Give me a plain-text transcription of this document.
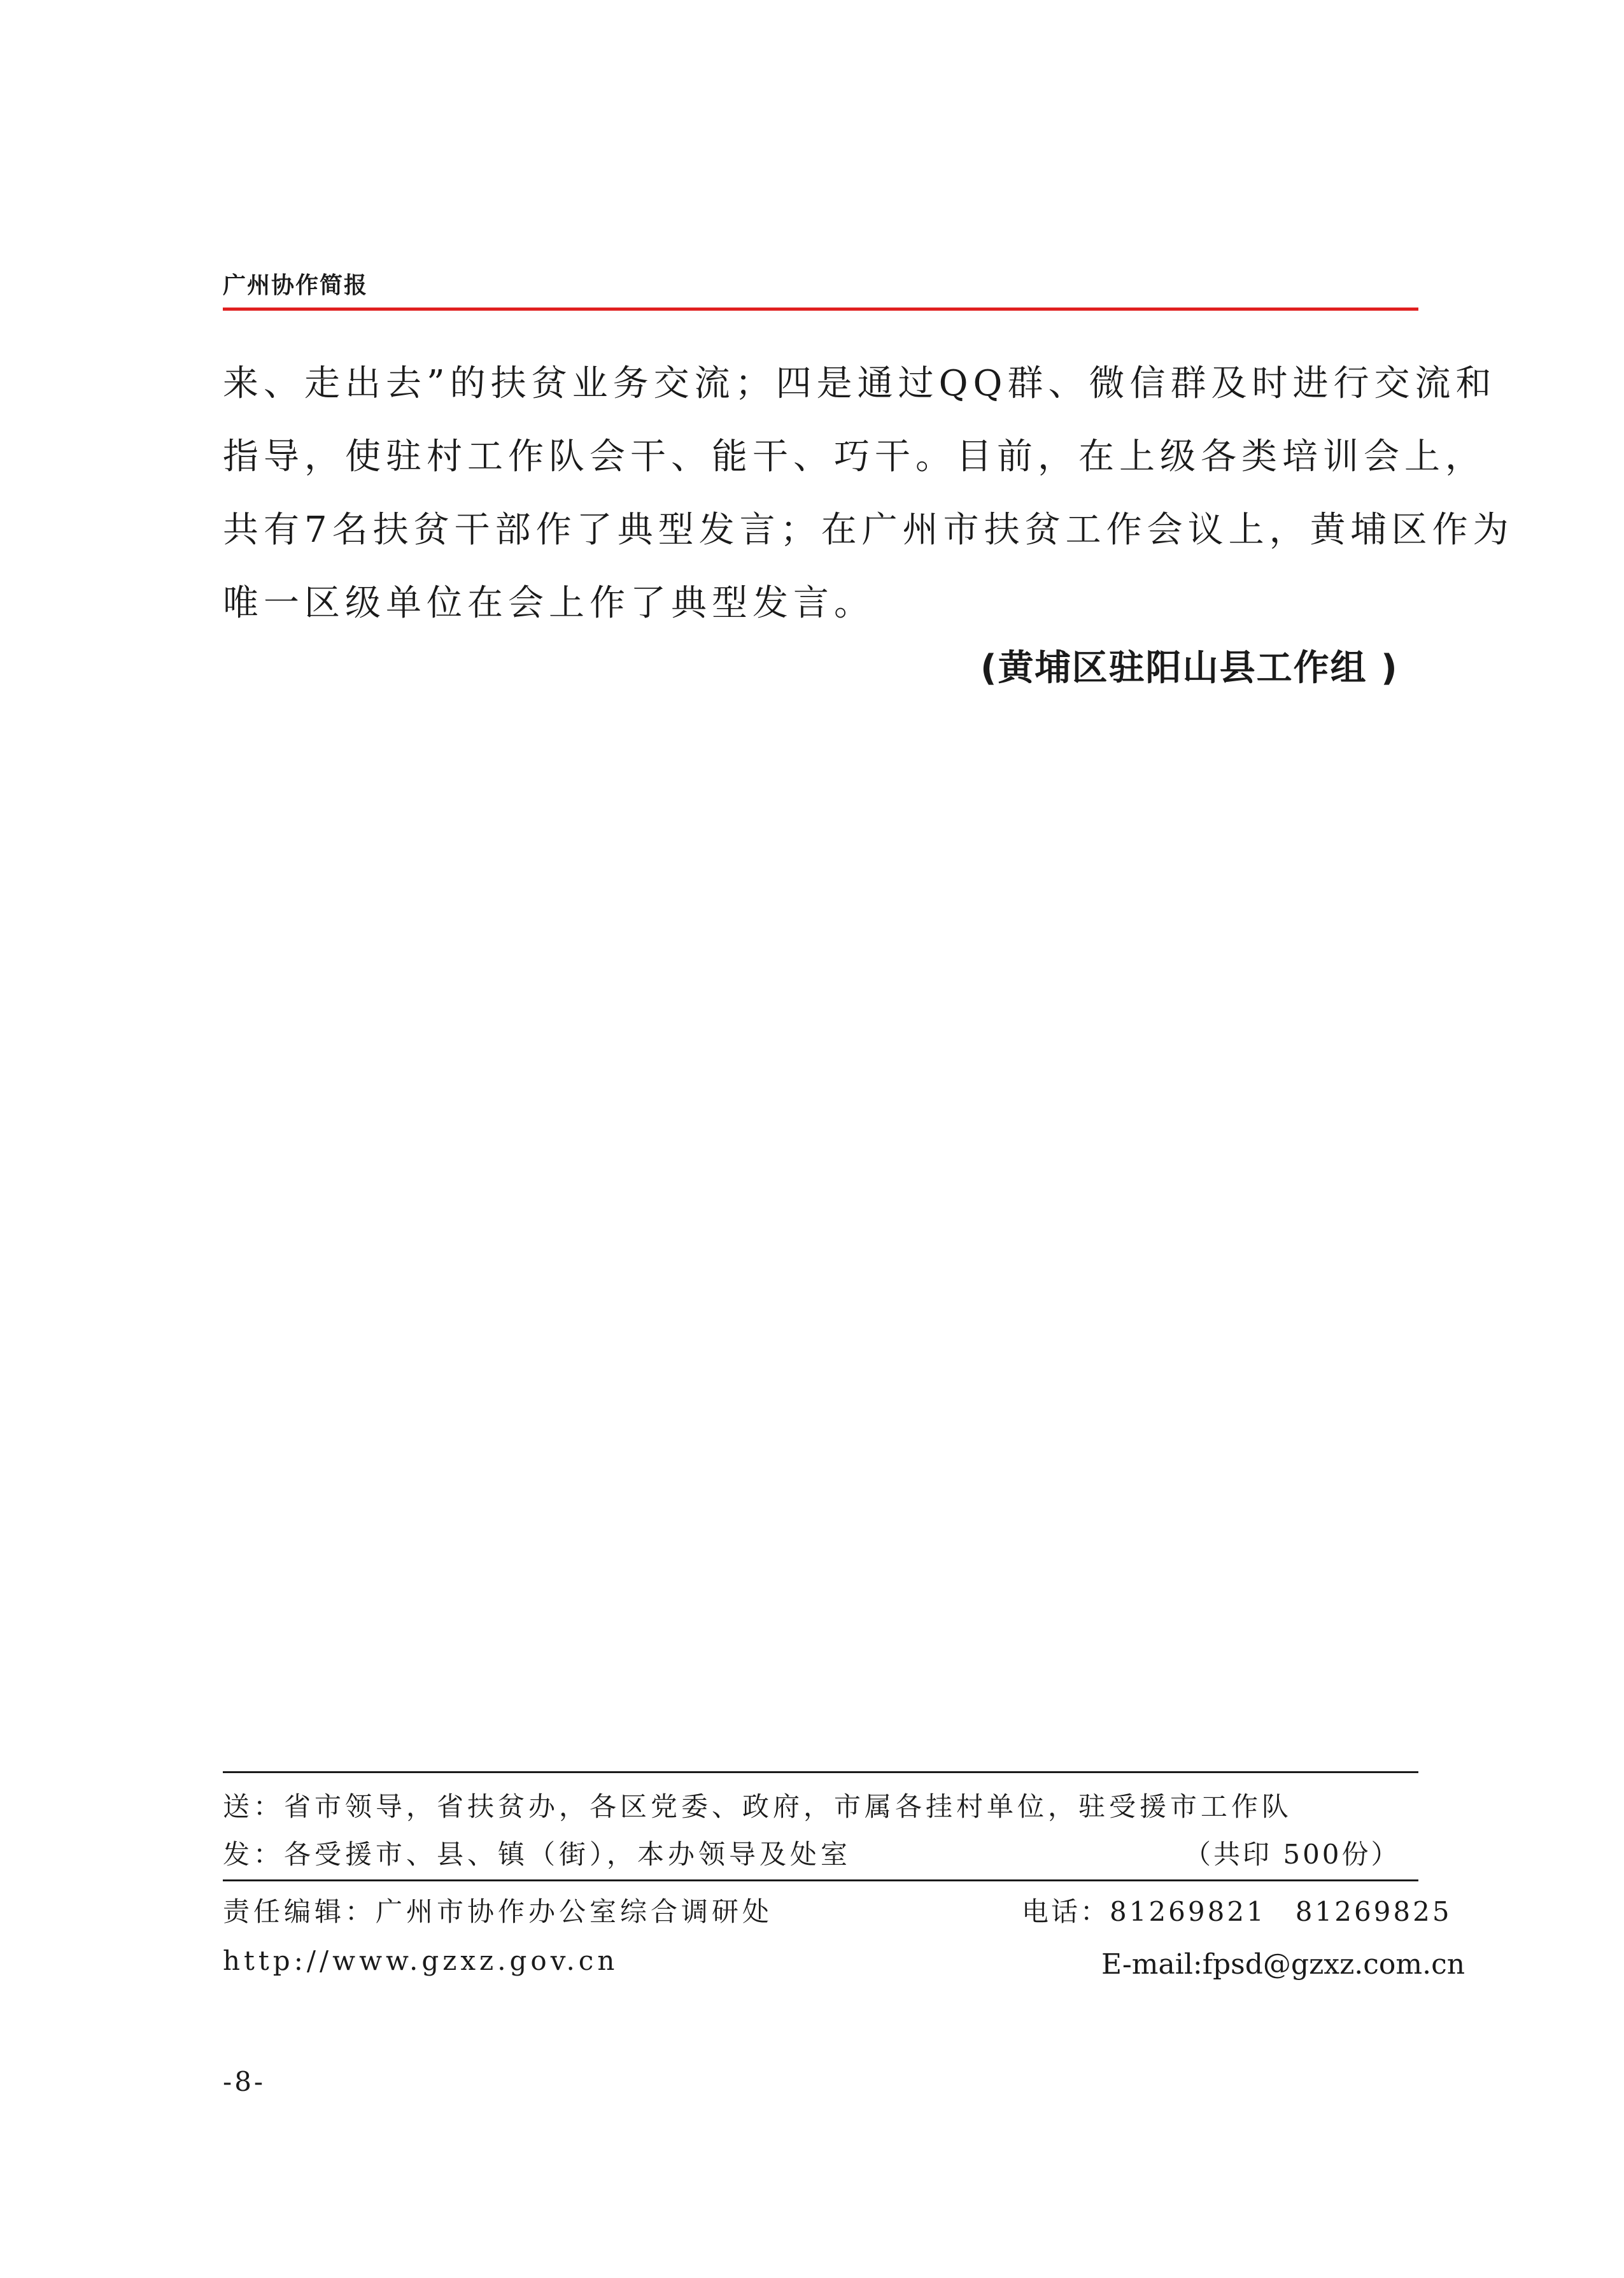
广州协作简报
来、走出去”的扶贫业务交流；四是通过QQ群、微信群及时进行交流和
指导，使驻村工作队会干、能干、巧干。目前，在上级各类培训会上，
共有7名扶贫干部作了典型发言；在广州市扶贫工作会议上，黄埔区作为
唯一区级单位在会上作了典型发言。
(黄埔区驻阳山县工作组 )
送：省市领导，省扶贫办，各区党委、政府，市属各挂村单位，驻受援市工作队
发：各受援市、县、镇（街），本办领导及处室	（共印 500份）
责任编辑：广州市协作办公室综合调研处	电话：81269821　81269825
http://www.gzxz.gov.cn	E-mail:fpsd@gzxz.com.cn
-8-
